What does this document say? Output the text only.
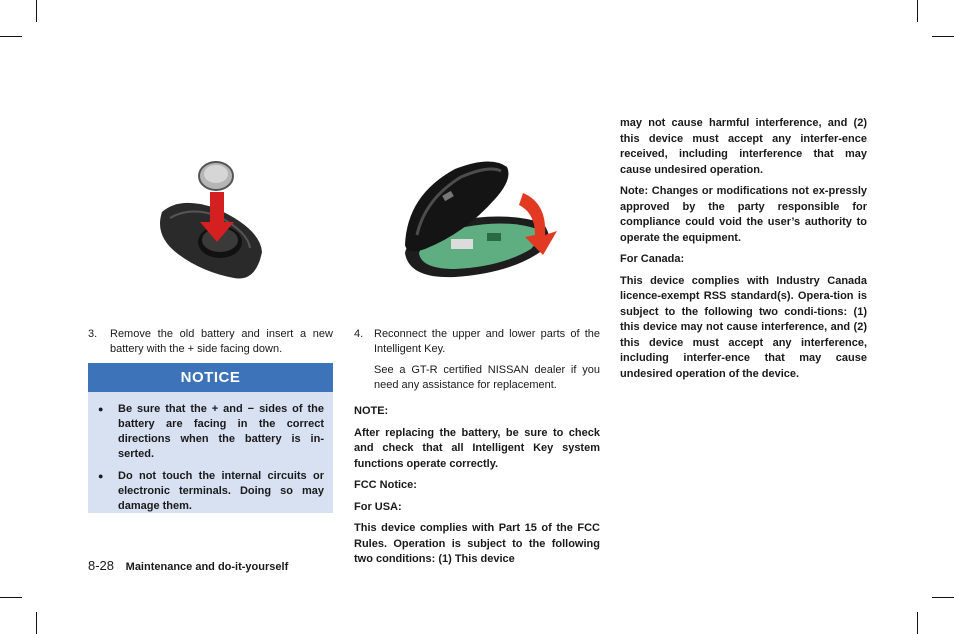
3.	Remove the old battery and insert a new battery with the + side facing down.
NOTICE
●	Be sure that the + and − sides of the battery are facing in the correct directions when the battery is in-serted.
●	Do not touch the internal circuits or electronic terminals. Doing so may damage them.
4. Reconnect the upper and lower parts of the Intelligent Key.
See a GT-R certified NISSAN dealer if you need any assistance for replacement.

NOTE:

After replacing the battery, be sure to check and check that all Intelligent Key system functions operate correctly.

FCC Notice:

For USA:

This device complies with Part 15 of the FCC Rules. Operation is subject to the following two conditions: (1) This device

may not cause harmful interference, and (2) this device must accept any interfer-ence received, including interference that may cause undesired operation.

Note: Changes or modifications not ex-pressly approved by the party responsible for compliance could void the user’s authority to operate the equipment.

For Canada:

This device complies with Industry Canada licence-exempt RSS standard(s). Opera-tion is subject to the following two condi-tions: (1) this device may not cause interference, and (2) this device must accept any interference, including interfer-ence that may cause undesired operation of the device.

8-28 Maintenance and do-it-yourself
